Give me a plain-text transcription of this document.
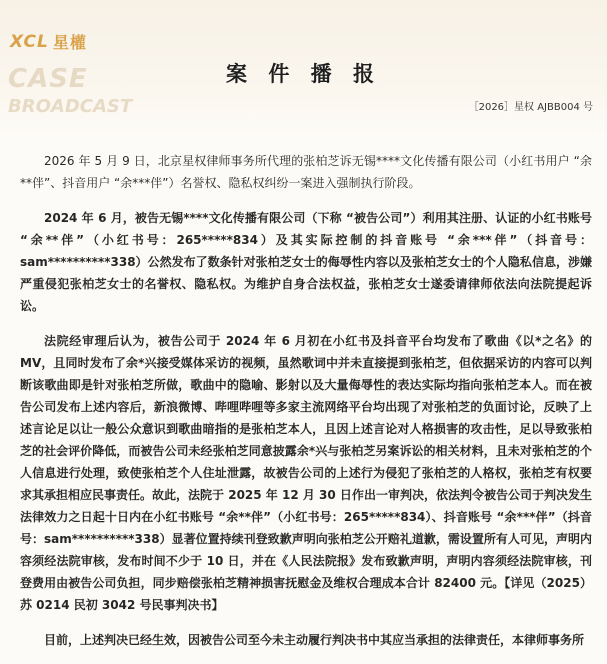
XCL 星權
CASE
BROADCAST
案 件 播 报
［2026］星权 AJBB004 号

2026 年 5 月 9 日，北京星权律师事务所代理的张柏芝诉无锡****文化传播有限公司（小红书用户 “余**伴”、抖音用户 “余***伴”）名誉权、隐私权纠纷一案进入强制执行阶段。

2024 年 6 月，被告无锡****文化传播有限公司（下称 “被告公司”）利用其注册、认证的小红书账号 “余**伴”（小红书号：265*****834）及其实际控制的抖音账号 “余***伴”（抖音号：sam**********338）公然发布了数条针对张柏芝女士的侮辱性内容以及张柏芝女士的个人隐私信息，涉嫌严重侵犯张柏芝女士的名誉权、隐私权。为维护自身合法权益，张柏芝女士遂委请律师依法向法院提起诉讼。

法院经审理后认为，被告公司于 2024 年 6 月初在小红书及抖音平台均发布了歌曲《以*之名》的 MV，且同时发布了余*兴接受媒体采访的视频，虽然歌词中并未直接提到张柏芝，但依据采访的内容可以判断该歌曲即是针对张柏芝所做，歌曲中的隐喻、影射以及大量侮辱性的表达实际均指向张柏芝本人。而在被告公司发布上述内容后，新浪微博、哔哩哔哩等多家主流网络平台均出现了对张柏芝的负面讨论，反映了上述言论足以让一般公众意识到歌曲暗指的是张柏芝本人，且因上述言论对人格损害的攻击性，足以导致张柏芝的社会评价降低，而被告公司未经张柏芝同意披露余*兴与张柏芝另案诉讼的相关材料，且未对张柏芝的个人信息进行处理，致使张柏芝个人住址泄露，故被告公司的上述行为侵犯了张柏芝的人格权，张柏芝有权要求其承担相应民事责任。故此，法院于 2025 年 12 月 30 日作出一审判决，依法判令被告公司于判决发生法律效力之日起十日内在小红书账号 “余**伴”（小红书号：265*****834）、抖音账号 “余***伴”（抖音号：sam**********338）显著位置持续刊登致歉声明向张柏芝公开赔礼道歉，需设置所有人可见，声明内容须经法院审核，发布时间不少于 10 日，并在《人民法院报》发布致歉声明，声明内容须经法院审核，刊登费用由被告公司负担，同步赔偿张柏芝精神损害抚慰金及维权合理成本合计 82400 元。【详见（2025）苏 0214 民初 3042 号民事判决书】

目前，上述判决已经生效，因被告公司至今未主动履行判决书中其应当承担的法律责任，本律师事务所
